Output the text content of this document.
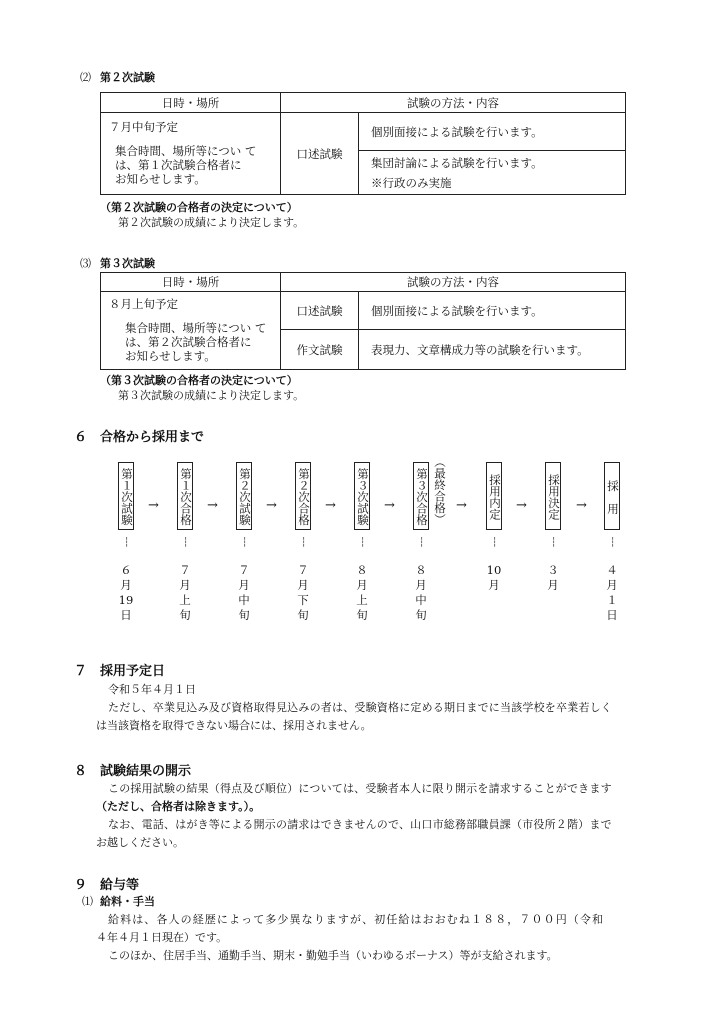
⑵ 第２次試験
日時・場所	試験の方法・内容	

７月中旬予定
集合時間、場所等につい て
は、第１次試験合格者に
お知らせします。	口述試験	個別面接による試験を行います。

		集団討論による試験を行います。
※行政のみ実施
（第２次試験の合格者の決定について）
第２次試験の成績により決定します。
⑶ 第３次試験
日時・場所	試験の方法・内容	

８月上旬予定
集合時間、場所等につい て
は、第２次試験合格者に
お知らせします。	口述試験	個別面接による試験を行います。
	作文試験	表現力、文章構成力等の試験を行います。
（第３次試験の合格者の決定について）
第３次試験の成績により決定します。
６ 合格から採用まで
第１次試験 → 第１次合格 → 第２次試験 → 第２次合格 → 第３次試験 → 第３次合格 （最終合格） → 採用内定 → 採用決定 → 採　用
┆	┆	┆	┆	┆	┆	┆	┆	┆
６
月
19
日
７
月
上
旬
７
月
中
旬
７
月
下
旬
８
月
上
旬
８
月
中
旬
10
月
３
月
４
月
１
日
７ 採用予定日
令和５年４月１日
ただし、卒業見込み及び資格取得見込みの者は、受験資格に定める期日までに当該学校を卒業若しく
は当該資格を取得できない場合には、採用されません。
８ 試験結果の開示
この採用試験の結果（得点及び順位）については、受験者本人に限り開示を請求することができます
（ただし、合格者は除きます。）。
なお、電話、はがき等による開示の請求はできませんので、山口市総務部職員課（市役所２階）まで
お越しください。
９ 給与等
⑴ 給料・手当
給料は、各人の経歴によって多少異なりますが、初任給はおおむね１８８，７００円（令和
４年４月１日現在）です。
このほか、住居手当、通勤手当、期末・勤勉手当（いわゆるボーナス）等が支給されます。
